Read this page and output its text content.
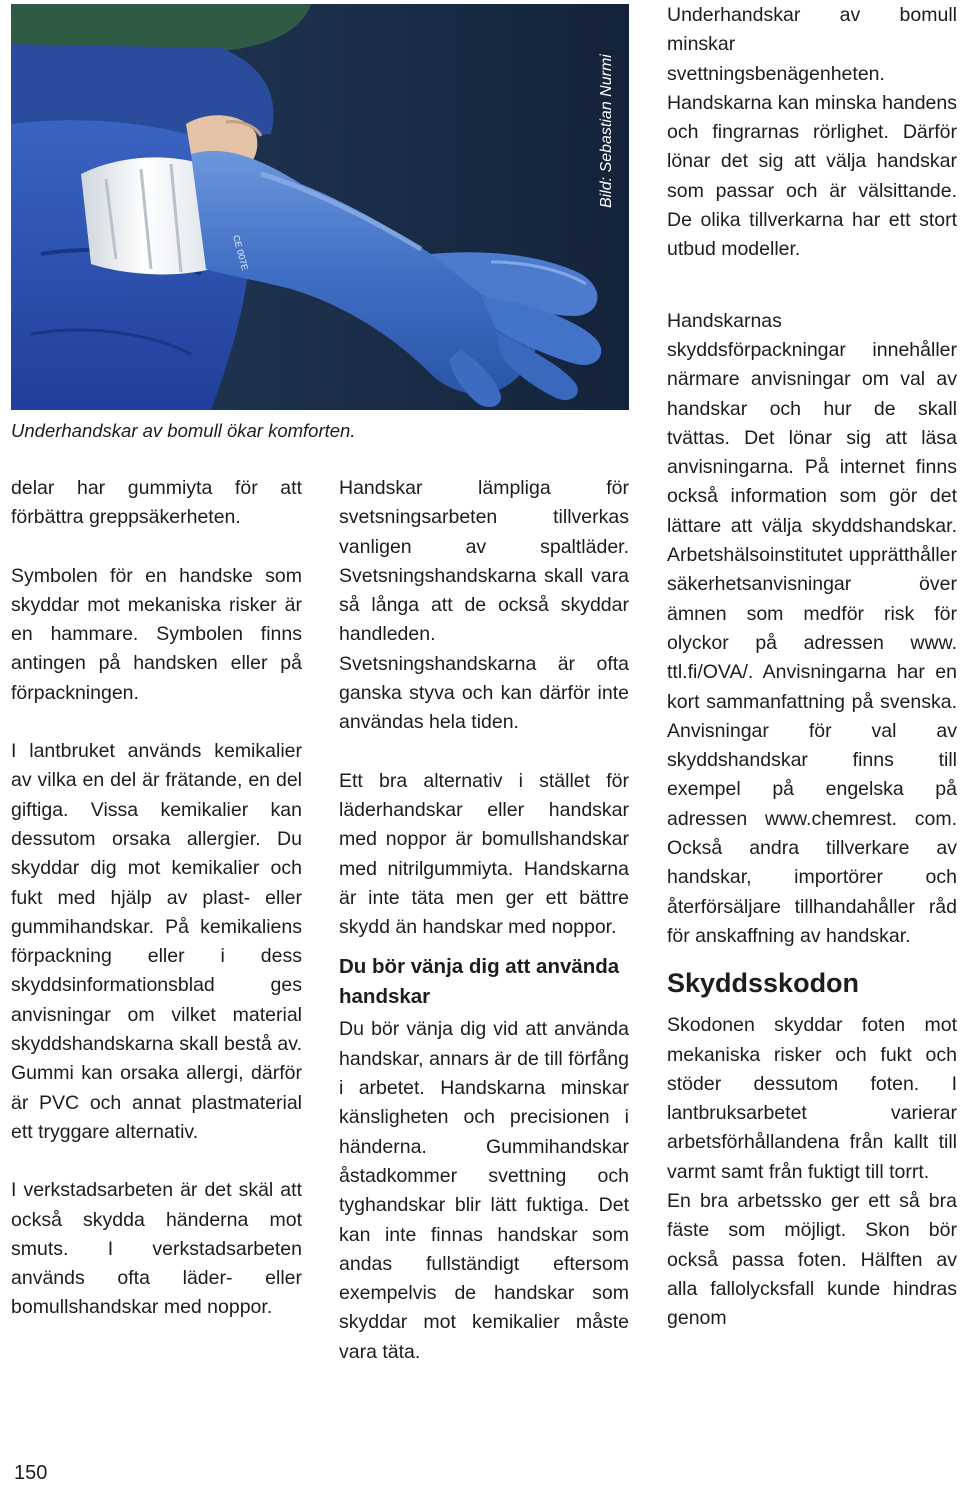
CE 007E
Bild: Sebastian Nurmi
Underhandskar av bomull ökar komforten.

delar har gummiyta för att förbättra greppsäkerheten.

Symbolen för en handske som skyddar mot mekaniska risker är en hammare. Symbolen finns antingen på handsken eller på förpackningen.

I lantbruket används kemikalier av vilka en del är frätande, en del giftiga. Vissa kemikalier kan dessutom orsaka allergier. Du skyddar dig mot kemikalier och fukt med hjälp av plast- eller gummihandskar. På kemikaliens förpackning eller i dess skyddsinformationsblad ges anvisningar om vilket material skyddshandskarna skall bestå av. Gummi kan orsaka allergi, därför är PVC och annat plastmaterial ett tryggare alternativ.

I verkstadsarbeten är det skäl att också skydda händerna mot smuts. I verkstadsarbeten används ofta läder- eller bomullshandskar med noppor.

Handskar lämpliga för svetsningsarbeten tillverkas vanligen av spaltläder. Svetsningshandskarna skall vara så långa att de också skyddar handleden. Svetsningshandskarna är ofta ganska styva och kan därför inte användas hela tiden.

Ett bra alternativ i stället för läderhandskar eller handskar med noppor är bomullshandskar med nitrilgummiyta. Handskarna är inte täta men ger ett bättre skydd än handskar med noppor.

Du bör vänja dig att använda handskar

Du bör vänja dig vid att använda handskar, annars är de till förfång i arbetet. Handskarna minskar känsligheten och precisionen i händerna. Gummihandskar åstadkommer svettning och tyghandskar blir lätt fuktiga. Det kan inte finnas handskar som andas fullständigt eftersom exempelvis de handskar som skyddar mot kemikalier måste vara täta.

Underhandskar av bomull minskar svettningsbenägenheten. Handskarna kan minska handens och fingrarnas rörlighet. Därför lönar det sig att välja handskar som passar och är välsittande. De olika tillverkarna har ett stort utbud modeller.

Handskarnas skyddsförpackningar innehåller närmare anvisningar om val av handskar och hur de skall tvättas. Det lönar sig att läsa anvisningarna. På internet finns också information som gör det lättare att välja skyddshandskar. Arbetshälsoinstitutet upprätthåller säkerhetsanvisningar över ämnen som medför risk för olyckor på adressen www. ttl.fi/OVA/. Anvisningarna har en kort sammanfattning på svenska. Anvisningar för val av skyddshandskar finns till exempel på engelska på adressen www.chemrest. com. Också andra tillverkare av handskar, importörer och återförsäljare tillhandahåller råd för anskaffning av handskar.

Skyddsskodon

Skodonen skyddar foten mot mekaniska risker och fukt och stöder dessutom foten. I lantbruksarbetet varierar arbetsförhållandena från kallt till varmt samt från fuktigt till torrt.

En bra arbetssko ger ett så bra fäste som möjligt. Skon bör också passa foten. Hälften av alla fallolycksfall kunde hindras genom

150
